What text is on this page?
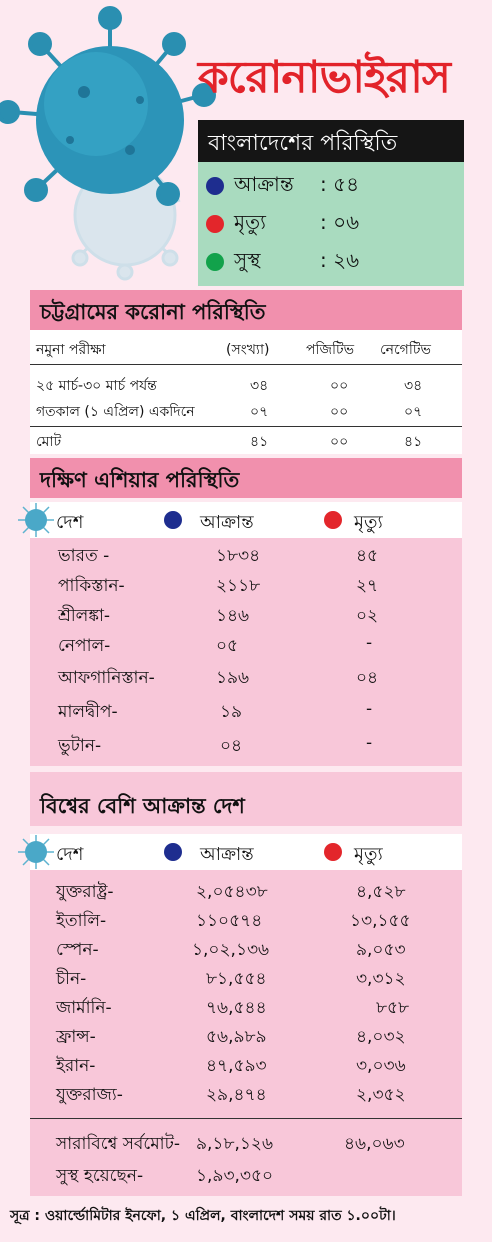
করোনাভাইরাস
বাংলাদেশের পরিস্থিতি
আক্রান্ত	: ৫৪
মৃত্যু	: ০৬
সুস্থ	: ২৬
চট্টগ্রামের করোনা পরিস্থিতি
নমুনা পরীক্ষা	(সংখ্যা)	পজিটিভ নেগেটিভ
২৫ মার্চ-৩০ মার্চ পর্যন্ত	৩৪	০০	৩৪
গতকাল (১ এপ্রিল) একদিনে	০৭	০০	০৭
মোট	৪১	০০	৪১
দক্ষিণ এশিয়ার পরিস্থিতি
দেশ	আক্রান্ত	মৃত্যু
ভারত -	১৮৩৪	৪৫
পাকিস্তান-	২১১৮	২৭
শ্রীলঙ্কা-	১৪৬	০২
নেপাল-	০৫	-
আফগানিস্তান-	১৯৬	০৪
মালদ্বীপ-	১৯	-
ভুটান-	০৪	-
বিশ্বের বেশি আক্রান্ত দেশ
দেশ	আক্রান্ত	মৃত্যু
যুক্তরাষ্ট্র-	২,০৫৪৩৮	৪,৫২৮
ইতালি-	১১০৫৭৪	১৩,১৫৫
স্পেন-	১,০২,১৩৬	৯,০৫৩
চীন-	৮১,৫৫৪	৩,৩১২
জার্মানি-	৭৬,৫৪৪	৮৫৮
ফ্রান্স-	৫৬,৯৮৯	৪,০৩২
ইরান-	৪৭,৫৯৩	৩,০৩৬
যুক্তরাজ্য-	২৯,৪৭৪	২,৩৫২
সারাবিশ্বে সর্বমোট- ৯,১৮,১২৬	৪৬,০৬৩
সুস্থ হয়েছেন-	১,৯৩,৩৫০
সূত্র : ওয়ার্ল্ডোমিটার ইনফো, ১ এপ্রিল, বাংলাদেশ সময় রাত ১.০০টা।
